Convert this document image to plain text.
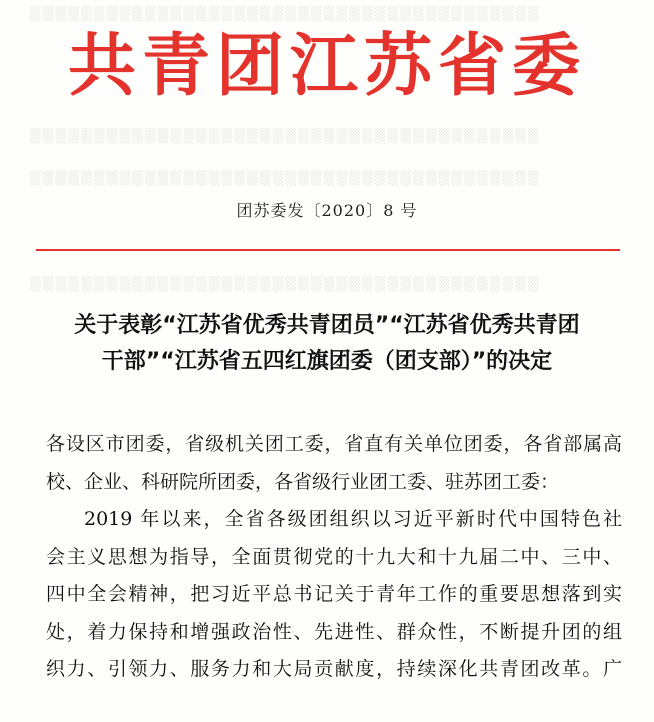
▒▒▒▒▒▒▒▒▒▒▒▒▒▒▒▒▒▒▒▒▒▒▒▒▒▒▒▒▒▒▒▒▒▒▒▒▒▒▒▒
▒▒▒▒▒▒▒▒▒▒▒▒▒▒▒▒▒▒▒▒▒▒▒▒▒▒▒▒▒▒▒▒▒▒▒▒▒▒▒▒
▒▒▒▒▒▒▒▒▒▒▒▒▒▒▒▒▒▒▒▒▒▒▒▒▒▒▒▒▒▒▒▒▒▒▒▒▒▒▒▒
▒▒▒▒▒▒▒▒▒▒▒▒▒▒▒▒▒▒▒▒▒▒▒▒▒▒▒▒▒▒▒▒▒▒▒▒▒▒▒▒
共青团江苏省委
团苏委发〔2020〕8 号
关于表彰“江苏省优秀共青团员”“江苏省优秀共青团
干部”“江苏省五四红旗团委（团支部）”的决定

各设区市团委，省级机关团工委，省直有关单位团委，各省部属高
校、企业、科研院所团委，各省级行业团工委、驻苏团工委：

2019 年以来，全省各级团组织以习近平新时代中国特色社
会主义思想为指导，全面贯彻党的十九大和十九届二中、三中、
四中全会精神，把习近平总书记关于青年工作的重要思想落到实
处，着力保持和增强政治性、先进性、群众性，不断提升团的组
织力、引领力、服务力和大局贡献度，持续深化共青团改革。广
